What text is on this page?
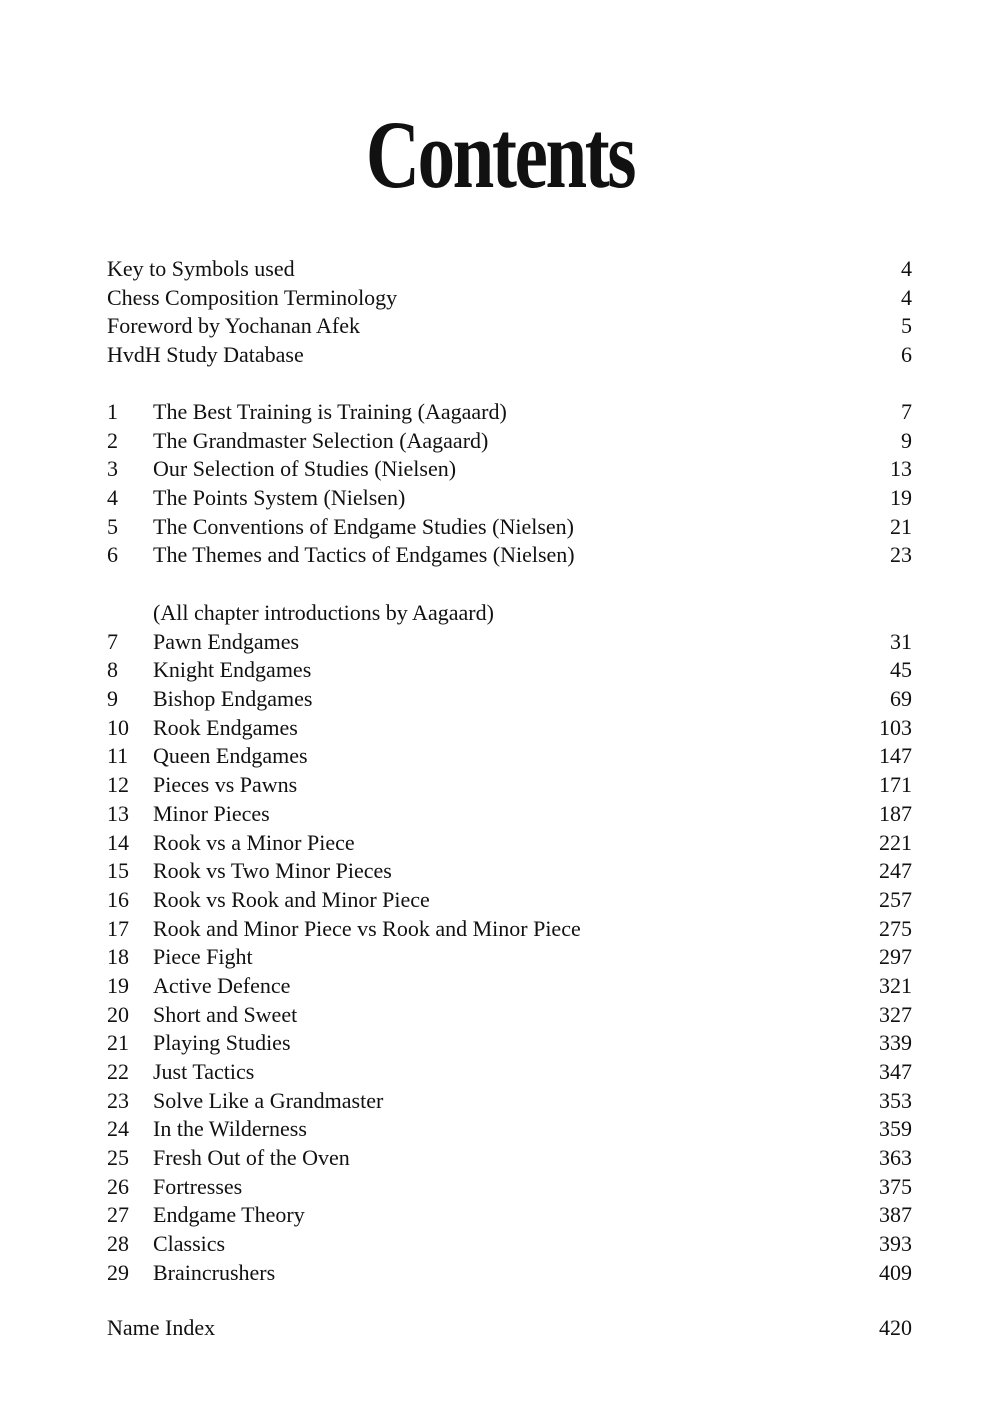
Contents
Key to Symbols used	4
Chess Composition Terminology	4
Foreword by Yochanan Afek	5
HvdH Study Database	6
1 The Best Training is Training (Aagaard)	7
2 The Grandmaster Selection (Aagaard)	9
3 Our Selection of Studies (Nielsen)	13
4 The Points System (Nielsen)	19
5 The Conventions of Endgame Studies (Nielsen)	21
6 The Themes and Tactics of Endgames (Nielsen)	23
(All chapter introductions by Aagaard)
7 Pawn Endgames	31
8 Knight Endgames	45
9 Bishop Endgames	69
10 Rook Endgames	103
11 Queen Endgames	147
12 Pieces vs Pawns	171
13 Minor Pieces	187
14 Rook vs a Minor Piece	221
15 Rook vs Two Minor Pieces	247
16 Rook vs Rook and Minor Piece	257
17 Rook and Minor Piece vs Rook and Minor Piece	275
18 Piece Fight	297
19 Active Defence	321
20 Short and Sweet	327
21 Playing Studies	339
22 Just Tactics	347
23 Solve Like a Grandmaster	353
24 In the Wilderness	359
25 Fresh Out of the Oven	363
26 Fortresses	375
27 Endgame Theory	387
28 Classics	393
29 Braincrushers	409
Name Index	420
